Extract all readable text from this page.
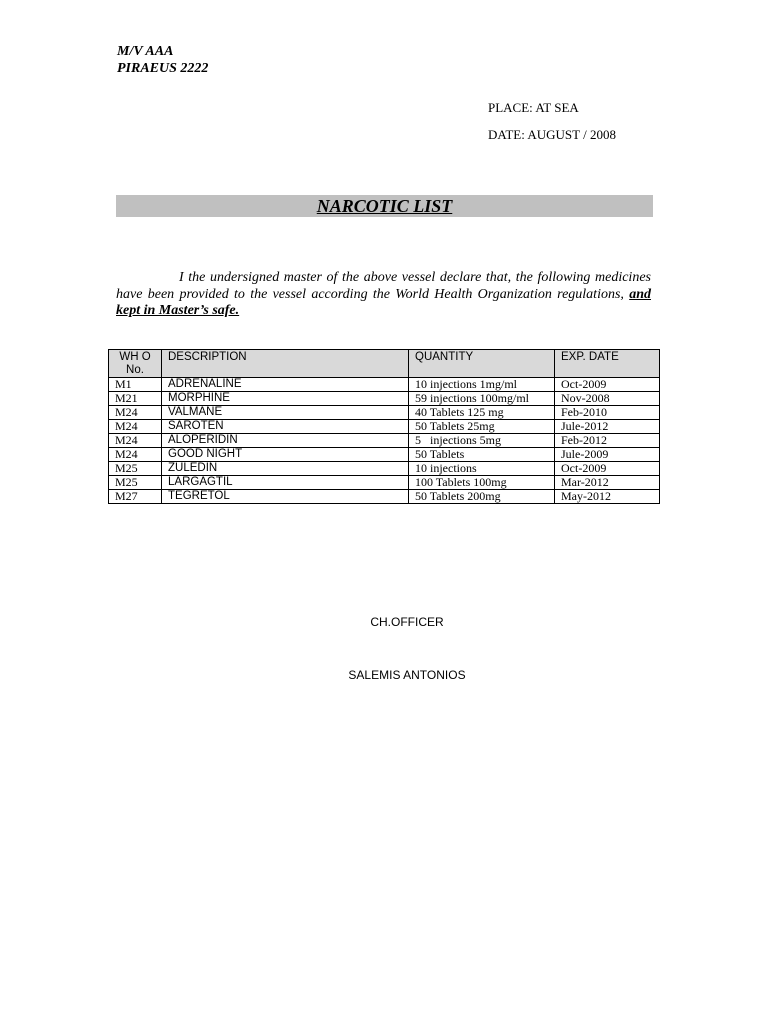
M/V AAA
PIRAEUS 2222
PLACE: AT SEA
DATE: AUGUST / 2008
NARCOTIC LIST

I the undersigned master of the above vessel declare that, the following medicines have been provided to the vessel according the World Health Organization regulations, and kept in Master’s safe.

WH O No.	DESCRIPTION	QUANTITY	EXP. DATE
M1	ADRENALINE	10 injections 1mg/ml	Oct-2009
M21	MORPHINE	59 injections 100mg/ml	Nov-2008
M24	VALMANE	40 Tablets 125 mg	Feb-2010
M24	SAROTEN	50 Tablets 25mg	Jule-2012
M24	ALOPERIDIN	5   injections 5mg	Feb-2012
M24	GOOD NIGHT	50 Tablets	Jule-2009
M25	ZULEDIN	10 injections	Oct-2009
M25	LARGAGTIL	100 Tablets 100mg	Mar-2012
M27	TEGRETOL	50 Tablets 200mg	May-2012
CH.OFFICER
SALEMIS ANTONIOS
